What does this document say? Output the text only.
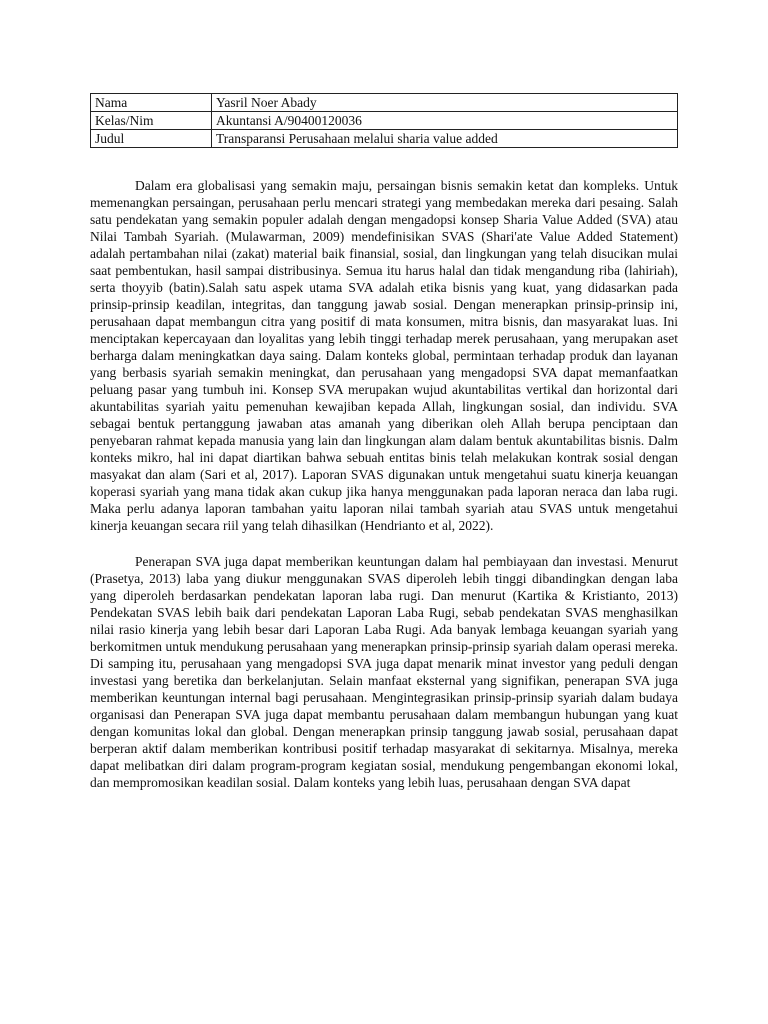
Nama	Yasril Noer Abady
Kelas/Nim	Akuntansi A/90400120036
Judul	Transparansi Perusahaan melalui sharia value added

Dalam era globalisasi yang semakin maju, persaingan bisnis semakin ketat dan kompleks. Untuk memenangkan persaingan, perusahaan perlu mencari strategi yang membedakan mereka dari pesaing. Salah satu pendekatan yang semakin populer adalah dengan mengadopsi konsep Sharia Value Added (SVA) atau Nilai Tambah Syariah. (Mulawarman, 2009) mendefinisikan SVAS (Shari'ate Value Added Statement) adalah pertambahan nilai (zakat) material baik finansial, sosial, dan lingkungan yang telah disucikan mulai saat pembentukan, hasil sampai distribusinya. Semua itu harus halal dan tidak mengandung riba (lahiriah), serta thoyyib (batin).Salah satu aspek utama SVA adalah etika bisnis yang kuat, yang didasarkan pada prinsip-prinsip keadilan, integritas, dan tanggung jawab sosial. Dengan menerapkan prinsip-prinsip ini, perusahaan dapat membangun citra yang positif di mata konsumen, mitra bisnis, dan masyarakat luas. Ini menciptakan kepercayaan dan loyalitas yang lebih tinggi terhadap merek perusahaan, yang merupakan aset berharga dalam meningkatkan daya saing. Dalam konteks global, permintaan terhadap produk dan layanan yang berbasis syariah semakin meningkat, dan perusahaan yang mengadopsi SVA dapat memanfaatkan peluang pasar yang tumbuh ini. Konsep SVA merupakan wujud akuntabilitas vertikal dan horizontal dari akuntabilitas syariah yaitu pemenuhan kewajiban kepada Allah, lingkungan sosial, dan individu. SVA sebagai bentuk pertanggung jawaban atas amanah yang diberikan oleh Allah berupa penciptaan dan penyebaran rahmat kepada manusia yang lain dan lingkungan alam dalam bentuk akuntabilitas bisnis. Dalm konteks mikro, hal ini dapat diartikan bahwa sebuah entitas binis telah melakukan kontrak sosial dengan masyakat dan alam (Sari et al, 2017). Laporan SVAS digunakan untuk mengetahui suatu kinerja keuangan koperasi syariah yang mana tidak akan cukup jika hanya menggunakan pada laporan neraca dan laba rugi. Maka perlu adanya laporan tambahan yaitu laporan nilai tambah syariah atau SVAS untuk mengetahui kinerja keuangan secara riil yang telah dihasilkan (Hendrianto et al, 2022).

Penerapan SVA juga dapat memberikan keuntungan dalam hal pembiayaan dan investasi. Menurut (Prasetya, 2013) laba yang diukur menggunakan SVAS diperoleh lebih tinggi dibandingkan dengan laba yang diperoleh berdasarkan pendekatan laporan laba rugi. Dan menurut (Kartika & Kristianto, 2013) Pendekatan SVAS lebih baik dari pendekatan Laporan Laba Rugi, sebab pendekatan SVAS menghasilkan nilai rasio kinerja yang lebih besar dari Laporan Laba Rugi. Ada banyak lembaga keuangan syariah yang berkomitmen untuk mendukung perusahaan yang menerapkan prinsip-prinsip syariah dalam operasi mereka. Di samping itu, perusahaan yang mengadopsi SVA juga dapat menarik minat investor yang peduli dengan investasi yang beretika dan berkelanjutan. Selain manfaat eksternal yang signifikan, penerapan SVA juga memberikan keuntungan internal bagi perusahaan. Mengintegrasikan prinsip-prinsip syariah dalam budaya organisasi dan Penerapan SVA juga dapat membantu perusahaan dalam membangun hubungan yang kuat dengan komunitas lokal dan global. Dengan menerapkan prinsip tanggung jawab sosial, perusahaan dapat berperan aktif dalam memberikan kontribusi positif terhadap masyarakat di sekitarnya. Misalnya, mereka dapat melibatkan diri dalam program-program kegiatan sosial, mendukung pengembangan ekonomi lokal, dan mempromosikan keadilan sosial. Dalam konteks yang lebih luas, perusahaan dengan SVA dapat
